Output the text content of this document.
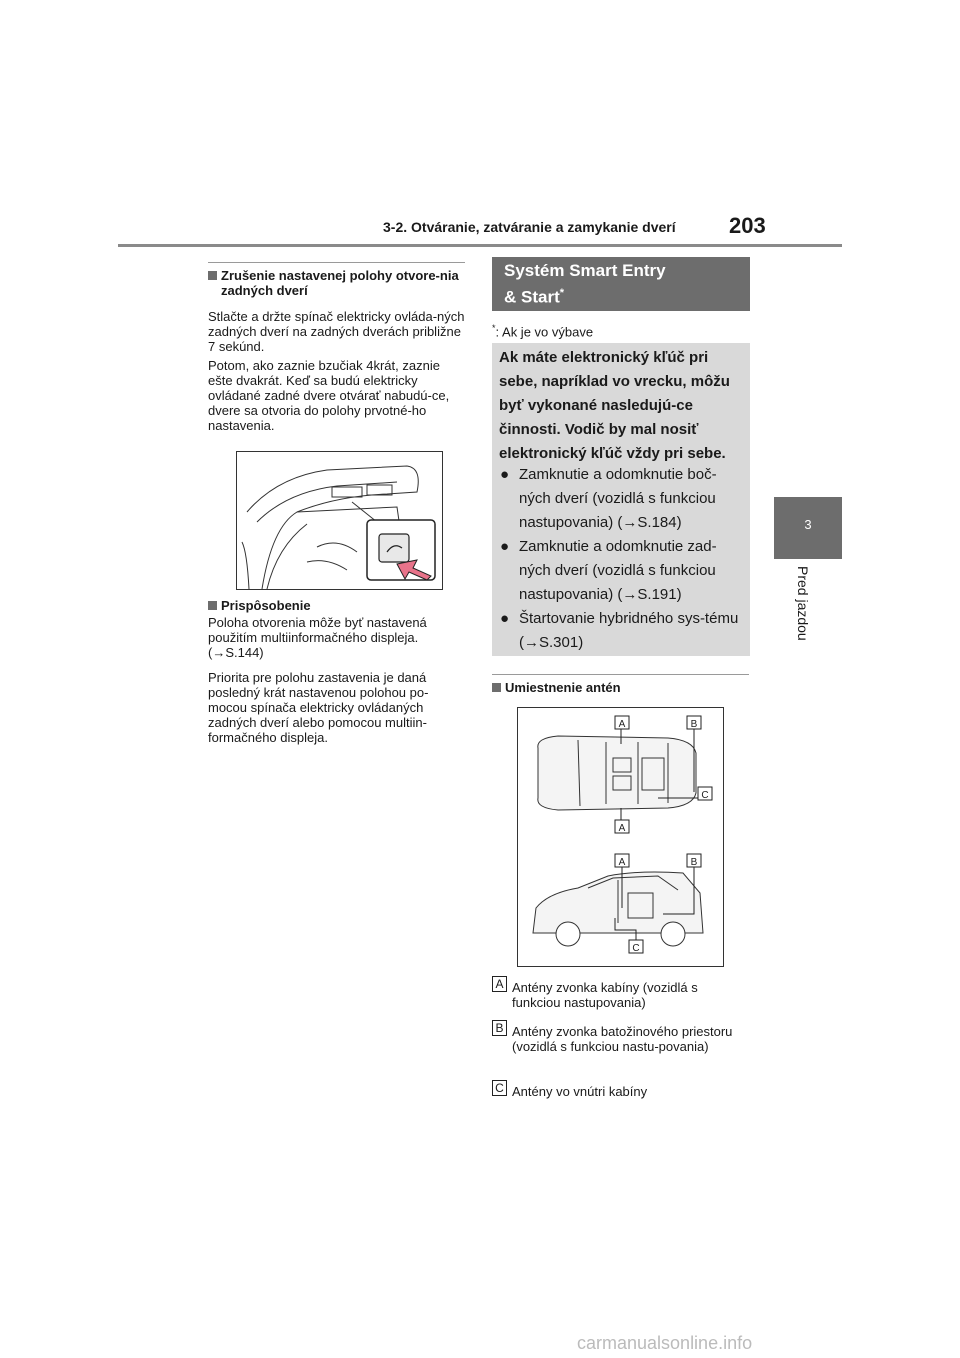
3-2. Otváranie, zatváranie a zamykanie dverí 203
3
Pred jazdou
Zrušenie nastavenej polohy otvore-nia zadných dverí

Stlačte a držte spínač elektricky ovláda-ných zadných dverí na zadných dverách približne 7 sekúnd.

Potom, ako zaznie bzučiak 4krát, zaznie ešte dvakrát. Keď sa budú elektricky ovládané zadné dvere otvárať nabudú-ce, dvere sa otvoria do polohy prvotné-ho nastavenia.

Prispôsobenie

Poloha otvorenia môže byť nastavená použitím multiinformačného displeja. (→S.144)

Priorita pre polohu zastavenia je daná posledný krát nastavenou polohou po-mocou spínača elektricky ovládaných zadných dverí alebo pomocou multiin-formačného displeja.

Systém Smart Entry
& Start*
*: Ak je vo výbave
Ak máte elektronický kľúč pri sebe, napríklad vo vrecku, môžu byť vykonané nasledujú-ce činnosti. Vodič by mal nosiť elektronický kľúč vždy pri sebe.
● Zamknutie a odomknutie boč-ných dverí (vozidlá s funkciou nastupovania) (→S.184)
● Zamknutie a odomknutie zad-ných dverí (vozidlá s funkciou nastupovania) (→S.191)
● Štartovanie hybridného sys-tému (→S.301)
Umiestnenie antén
A	B
C
A
A	B
C
A Antény zvonka kabíny (vozidlá s funkciou nastupovania)
B Antény zvonka batožinového priestoru (vozidlá s funkciou nastu-povania)
C Antény vo vnútri kabíny
carmanualsonline.info
